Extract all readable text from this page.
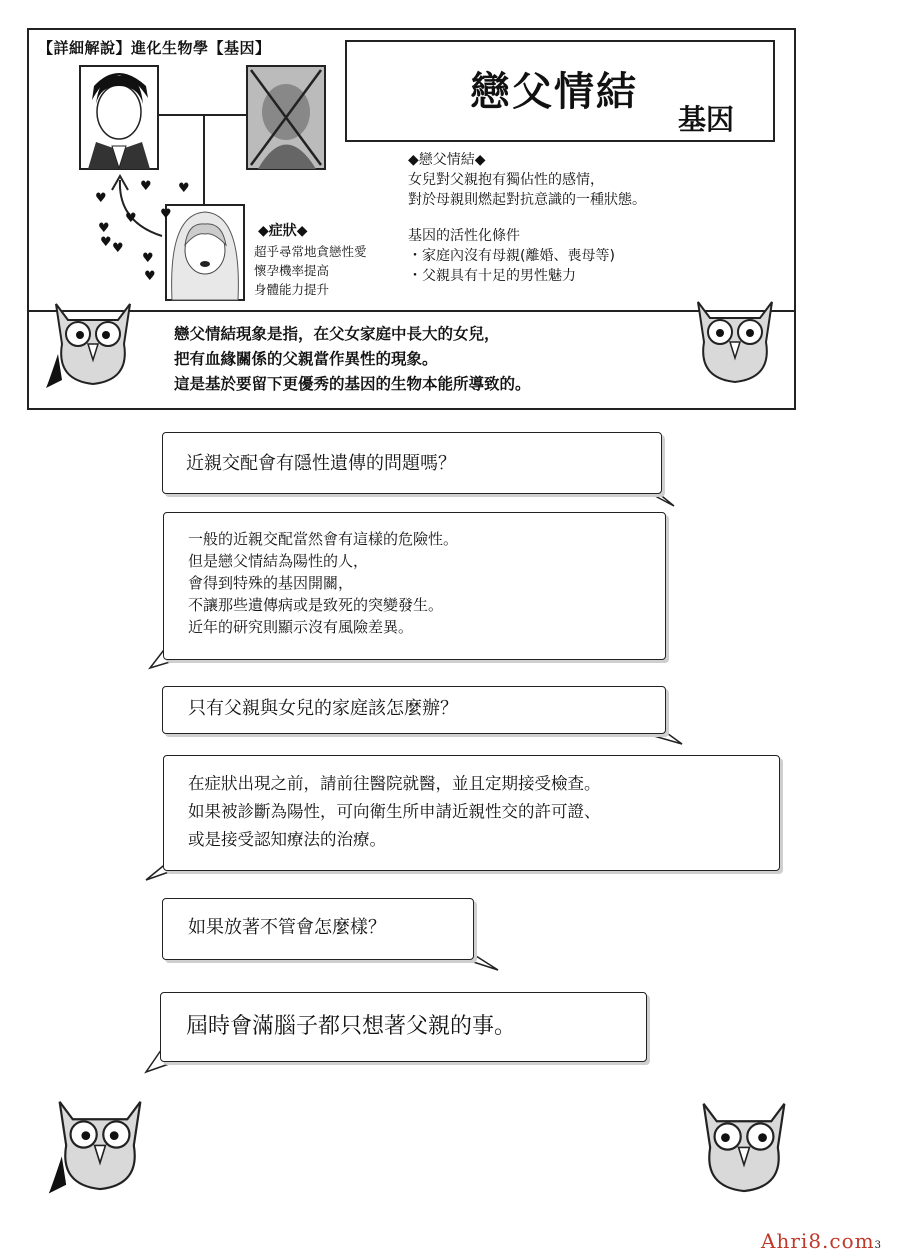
【詳細解說】進化生物學【基因】
戀父情結
基因
♥
♥ ♥
♥
♥ ♥
♥
♥
♥
♥
◆戀父情結◆
女兒對父親抱有獨佔性的感情，
對於母親則燃起對抗意識的一種狀態。
基因的活性化條件
・家庭內沒有母親(離婚、喪母等)
・父親具有十足的男性魅力
◆症狀◆
超乎尋常地貪戀性愛
懷孕機率提高
身體能力提升
戀父情結現象是指，在父女家庭中長大的女兒，
把有血緣關係的父親當作異性的現象。
這是基於要留下更優秀的基因的生物本能所導致的。
近親交配會有隱性遺傳的問題嗎？
一般的近親交配當然會有這樣的危險性。
但是戀父情結為陽性的人，
會得到特殊的基因開關，
不讓那些遺傳病或是致死的突變發生。
近年的研究則顯示沒有風險差異。
只有父親與女兒的家庭該怎麼辦？
在症狀出現之前，請前往醫院就醫，並且定期接受檢查。
如果被診斷為陽性，可向衛生所申請近親性交的許可證、
或是接受認知療法的治療。
如果放著不管會怎麼樣？
屆時會滿腦子都只想著父親的事。
Ahri8.com3
